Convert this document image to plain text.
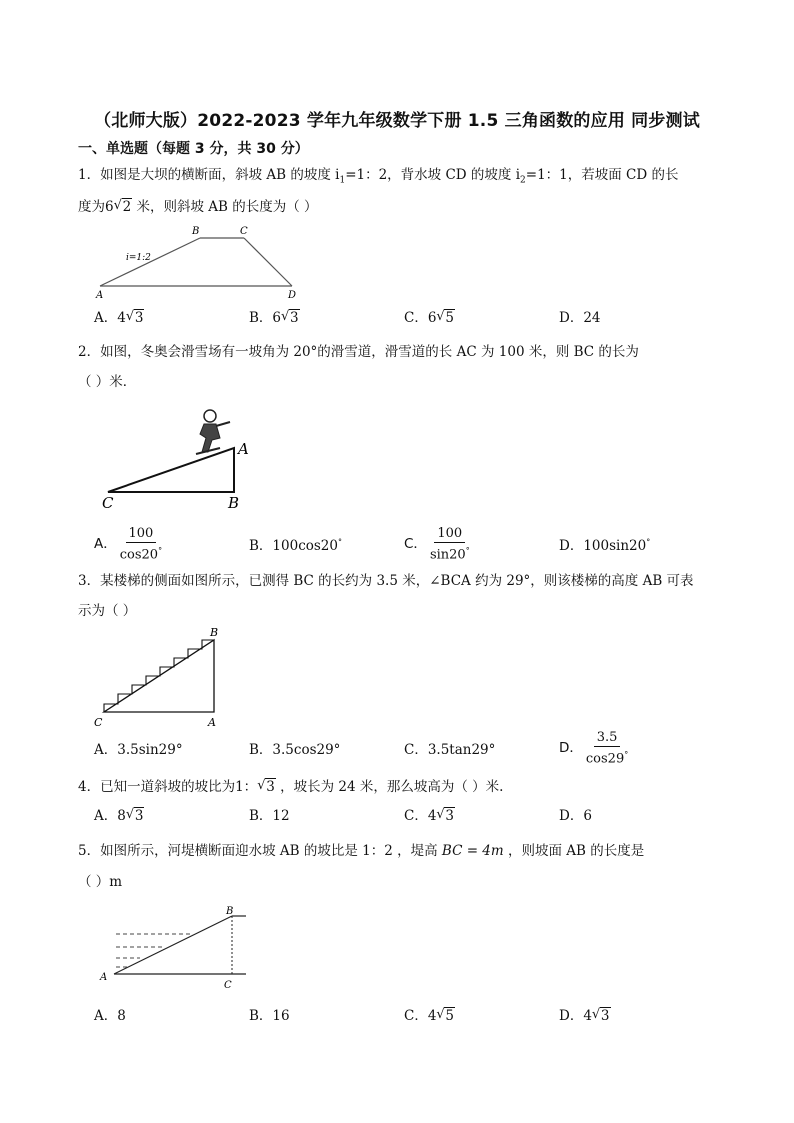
（北师大版）2022-2023 学年九年级数学下册 1.5 三角函数的应用 同步测试
一、单选题（每题 3 分，共 30 分）
1．如图是大坝的横断面，斜坡 AB 的坡度 $i_1=1$：2，背水坡 CD 的坡度 $i_2=1$：1，若坡面 CD 的长
度为6 √ 2 米，则斜坡 AB 的长度为（ ）
A
B	C
D
i=1:2
A．4 √ 3	B．6 √ 3	C．6 √ 5	D．24
2．如图，冬奥会滑雪场有一坡角为 20°的滑雪道，滑雪道的长 AC 为 100 米，则 BC 的长为
（ ）米．
A
C	B
A． $\frac{100}{\cos 20^\circ}$	B．100cos20°	C． $\frac{100}{\sin 20^\circ}$	D．100sin20°
3．某楼梯的侧面如图所示，已测得 BC 的长约为 3.5 米，∠BCA 约为 29°，则该楼梯的高度 AB 可表
示为（ ）
B
C	A
A．3.5sin29°	B．3.5cos29°	C．3.5tan29°	D． $\frac{3.5}{\cos 29^\circ}$
4．已知一道斜坡的坡比为1： √ 3 ，坡长为 24 米，那么坡高为（ ）米.
A．8 √ 3	B．12	C．4 √ 3	D．6
5．如图所示，河堤横断面迎水坡 AB 的坡比是 1：2 ，堤高 BC = 4m ，则坡面 AB 的长度是
（ ）m
A
B
C
A．8	B．16	C．4 √ 5	D．4 √ 3
